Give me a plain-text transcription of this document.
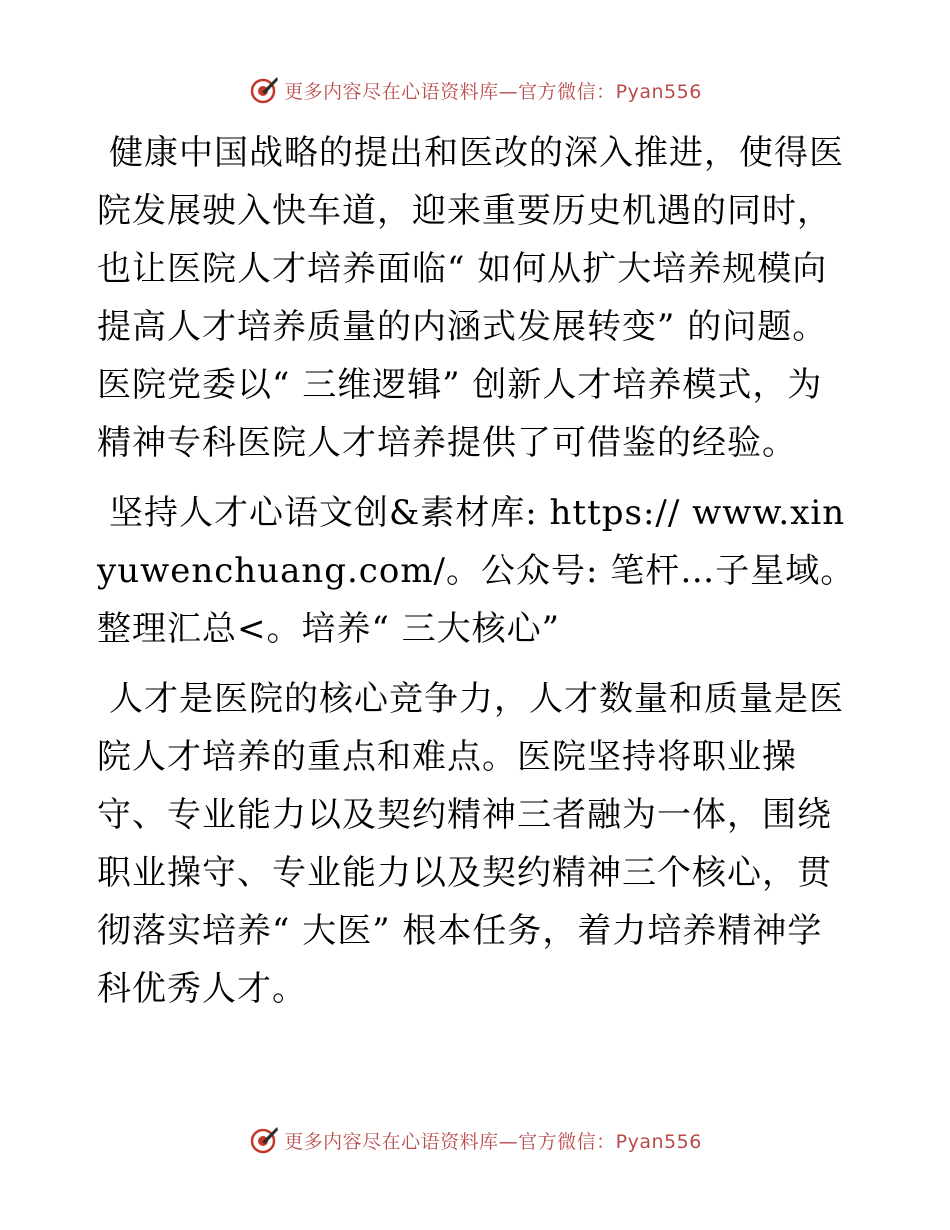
更多内容尽在心语资料库—官方微信：Pyan556

健康中国战略的提出和医改的深入推进，使得医院发展驶入快车道，迎来重要历史机遇的同时，也让医院人才培养面临“ 如何从扩大培养规模向提高人才培养质量的内涵式发展转变” 的问题。医院党委以“ 三维逻辑” 创新人才培养模式，为精神专科医院人才培养提供了可借鉴的经验。

坚持人才心语文创&素材库: https:// www.xinyuwenchuang.com/。公众号: 笔杆…子星域。整理汇总<。培养“ 三大核心”

人才是医院的核心竞争力，人才数量和质量是医院人才培养的重点和难点。医院坚持将职业操守、专业能力以及契约精神三者融为一体，围绕职业操守、专业能力以及契约精神三个核心，贯彻落实培养“ 大医” 根本任务，着力培养精神学科优秀人才。

更多内容尽在心语资料库—官方微信：Pyan556
